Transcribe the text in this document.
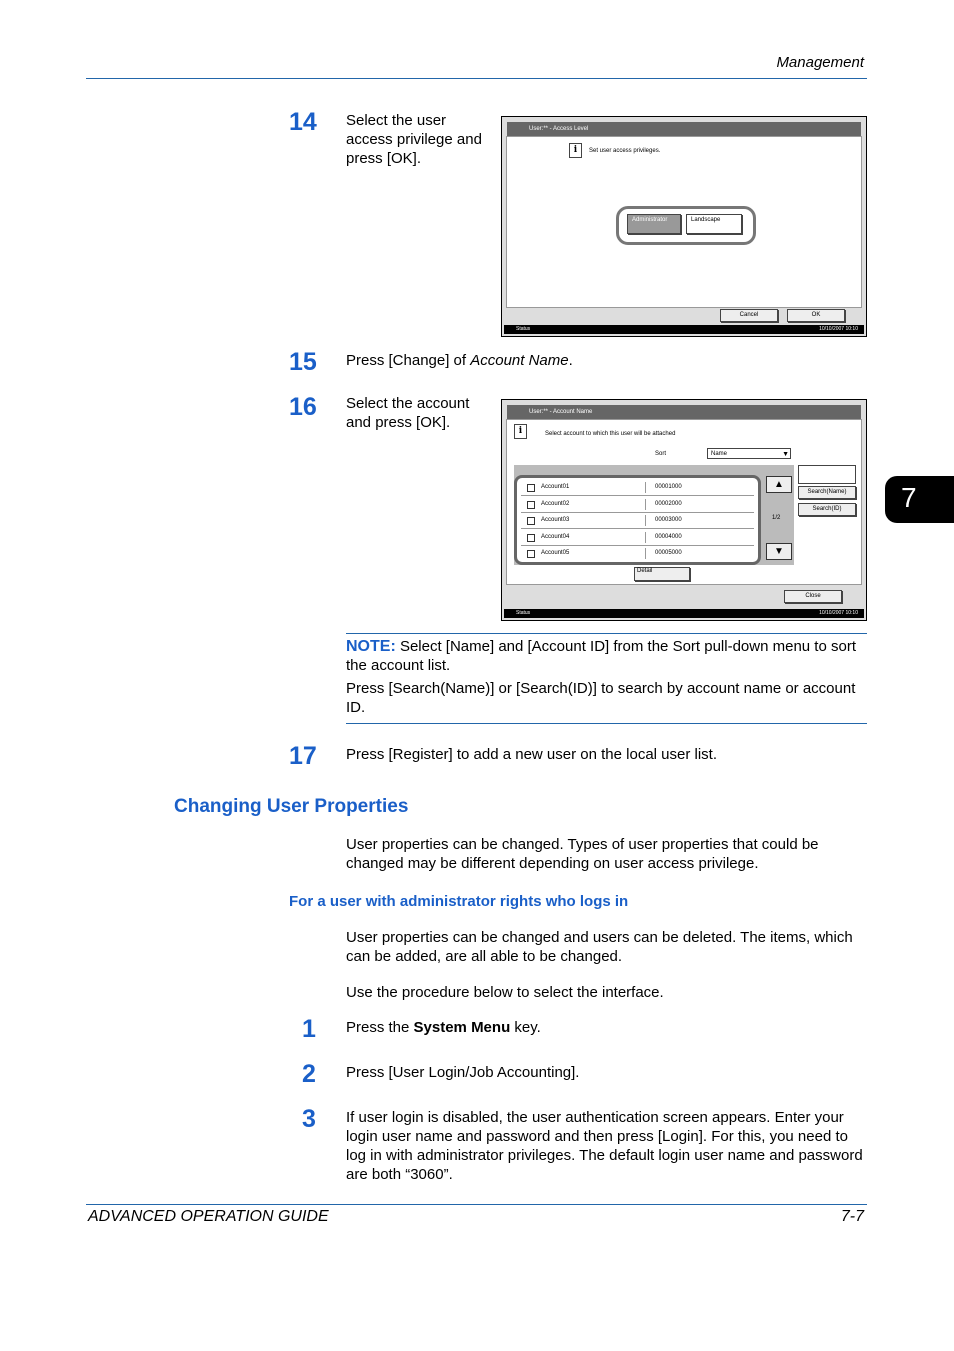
Management
7
14 Select the user access privilege and press [OK].
User:** - Access Level
i	Set user access privileges.
Administrator	Landscape
Cancel	OK
Status	10/10/2007 10:10
15 Press [Change] of Account Name.
16 Select the account and press [OK].
User:** - Account Name
i	Select account to which this user will be attached
Sort	Name	▼
Account01	00001000
Account02	00002000
Account03	00003000
Account04	00004000
Account05	00005000
▲
1/2
▼
Search(Name)
Search(ID)
Detail
Close
Status	10/10/2007 10:10
NOTE: Select [Name] and [Account ID] from the Sort pull-down menu to sort the account list.
Press [Search(Name)] or [Search(ID)] to search by account name or account ID.
17 Press [Register] to add a new user on the local user list.
Changing User Properties
User properties can be changed. Types of user properties that could be changed may be different depending on user access privilege.
For a user with administrator rights who logs in
User properties can be changed and users can be deleted. The items, which can be added, are all able to be changed.
Use the procedure below to select the interface.
1 Press the System Menu key.
2 Press [User Login/Job Accounting].
3 If user login is disabled, the user authentication screen appears. Enter your login user name and password and then press [Login]. For this, you need to log in with administrator privileges. The default login user name and password are both “3060”.
ADVANCED OPERATION GUIDE	7-7
